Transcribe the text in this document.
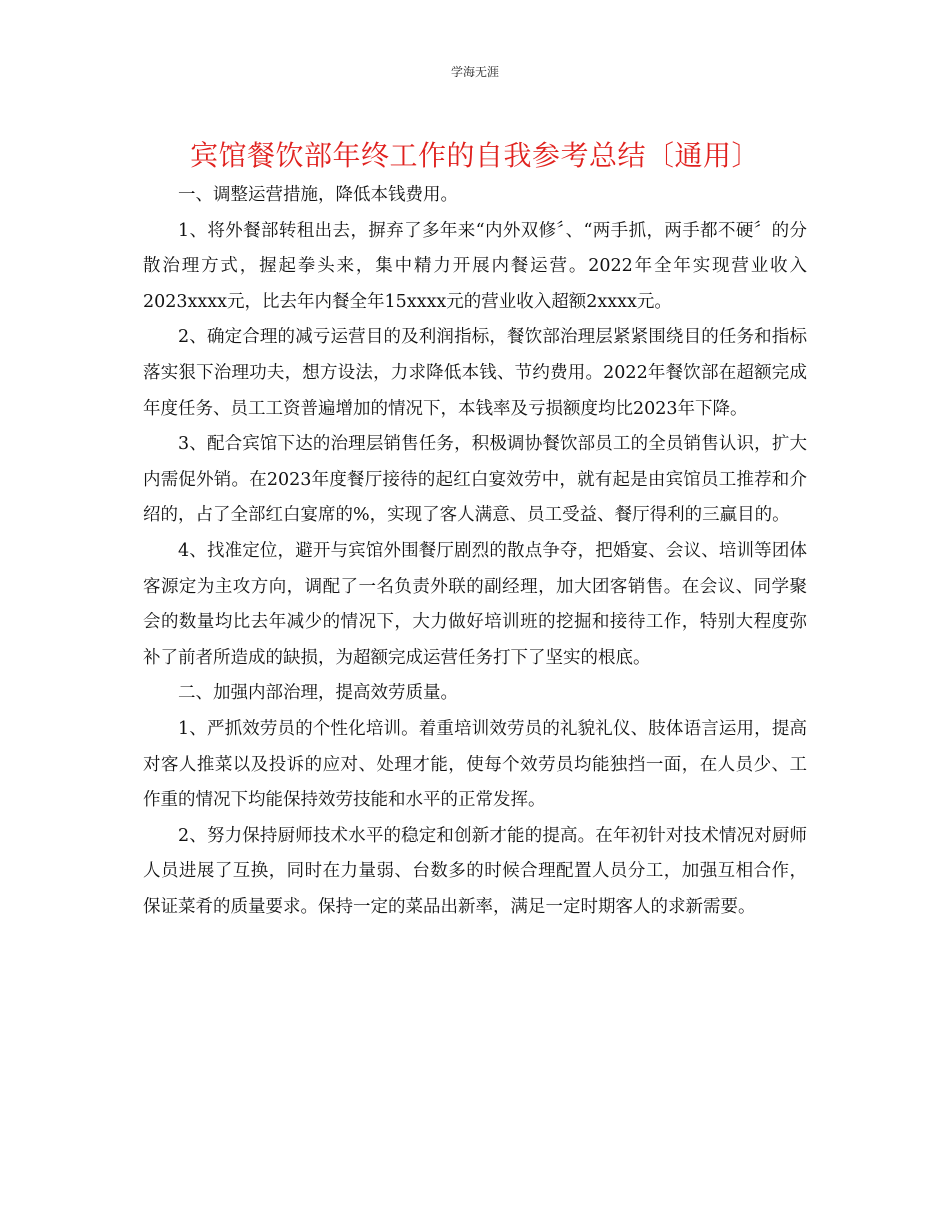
学海无涯
宾馆餐饮部年终工作的自我参考总结〔通用〕

一、调整运营措施，降低本钱费用。

1、将外餐部转租出去，摒弃了多年来“内外双修〞、“两手抓，两手都不硬〞的分散治理方式，握起拳头来，集中精力开展内餐运营。2022年全年实现营业收入2023xxxx元，比去年内餐全年15xxxx元的营业收入超额2xxxx元。

2、确定合理的减亏运营目的及利润指标，餐饮部治理层紧紧围绕目的任务和指标落实狠下治理功夫，想方设法，力求降低本钱、节约费用。2022年餐饮部在超额完成年度任务、员工工资普遍增加的情况下，本钱率及亏损额度均比2023年下降。

3、配合宾馆下达的治理层销售任务，积极调协餐饮部员工的全员销售认识，扩大内需促外销。在2023年度餐厅接待的起红白宴效劳中，就有起是由宾馆员工推荐和介绍的，占了全部红白宴席的%，实现了客人满意、员工受益、餐厅得利的三赢目的。

4、找准定位，避开与宾馆外围餐厅剧烈的散点争夺，把婚宴、会议、培训等团体客源定为主攻方向，调配了一名负责外联的副经理，加大团客销售。在会议、同学聚会的数量均比去年减少的情况下，大力做好培训班的挖掘和接待工作，特别大程度弥补了前者所造成的缺损，为超额完成运营任务打下了坚实的根底。

二、加强内部治理，提高效劳质量。

1、严抓效劳员的个性化培训。着重培训效劳员的礼貌礼仪、肢体语言运用，提高对客人推菜以及投诉的应对、处理才能，使每个效劳员均能独挡一面，在人员少、工作重的情况下均能保持效劳技能和水平的正常发挥。

2、努力保持厨师技术水平的稳定和创新才能的提高。在年初针对技术情况对厨师人员进展了互换，同时在力量弱、台数多的时候合理配置人员分工，加强互相合作，保证菜肴的质量要求。保持一定的菜品出新率，满足一定时期客人的求新需要。
